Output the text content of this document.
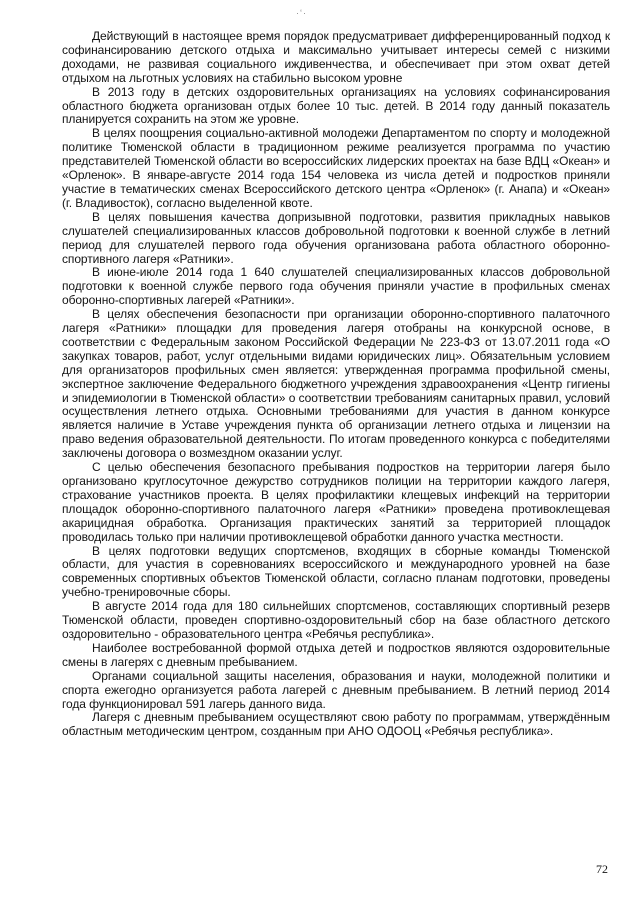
·ʻ·

Действующий в настоящее время порядок предусматривает дифференцированный подход к софинансированию детского отдыха и максимально учитывает интересы семей с низкими доходами, не развивая социального иждивенчества, и обеспечивает при этом охват детей отдыхом на льготных условиях на стабильно высоком уровне

В 2013 году в детских оздоровительных организациях на условиях софинансирования областного бюджета организован отдых более 10 тыс. детей. В 2014 году данный показатель планируется сохранить на этом же уровне.

В целях поощрения социально-активной молодежи Департаментом по спорту и молодежной политике Тюменской области в традиционном режиме реализуется программа по участию представителей Тюменской области во всероссийских лидерских проектах на базе ВДЦ «Океан» и «Орленок». В январе-августе 2014 года 154 человека из числа детей и подростков приняли участие в тематических сменах Всероссийского детского центра «Орленок» (г. Анапа) и «Океан» (г. Владивосток), согласно выделенной квоте.

В целях повышения качества допризывной подготовки, развития прикладных навыков слушателей специализированных классов добровольной подготовки к военной службе в летний период для слушателей первого года обучения организована работа областного оборонно-спортивного лагеря «Ратники».

В июне-июле 2014 года 1 640 слушателей специализированных классов добровольной подготовки к военной службе первого года обучения приняли участие в профильных сменах оборонно-спортивных лагерей «Ратники».

В целях обеспечения безопасности при организации оборонно-спортивного палаточного лагеря «Ратники» площадки для проведения лагеря отобраны на конкурсной основе, в соответствии с Федеральным законом Российской Федерации № 223-ФЗ от 13.07.2011 года «О закупках товаров, работ, услуг отдельными видами юридических лиц». Обязательным условием для организаторов профильных смен является: утвержденная программа профильной смены, экспертное заключение Федерального бюджетного учреждения здравоохранения «Центр гигиены и эпидемиологии в Тюменской области» о соответствии требованиям санитарных правил, условий осуществления летнего отдыха. Основными требованиями для участия в данном конкурсе является наличие в Уставе учреждения пункта об организации летнего отдыха и лицензии на право ведения образовательной деятельности. По итогам проведенного конкурса с победителями заключены договора о возмездном оказании услуг.

С целью обеспечения безопасного пребывания подростков на территории лагеря было организовано круглосуточное дежурство сотрудников полиции на территории каждого лагеря, страхование участников проекта. В целях профилактики клещевых инфекций на территории площадок оборонно-спортивного палаточного лагеря «Ратники» проведена противоклещевая акарицидная обработка. Организация практических занятий за территорией площадок проводилась только при наличии противоклещевой обработки данного участка местности.

В целях подготовки ведущих спортсменов, входящих в сборные команды Тюменской области, для участия в соревнованиях всероссийского и международного уровней на базе современных спортивных объектов Тюменской области, согласно планам подготовки, проведены учебно-тренировочные сборы.

В августе 2014 года для 180 сильнейших спортсменов, составляющих спортивный резерв Тюменской области, проведен спортивно-оздоровительный сбор на базе областного детского оздоровительно - образовательного центра «Ребячья республика».

Наиболее востребованной формой отдыха детей и подростков являются оздоровительные смены в лагерях с дневным пребыванием.

Органами социальной защиты населения, образования и науки, молодежной политики и спорта ежегодно организуется работа лагерей с дневным пребыванием. В летний период 2014 года функционировал 591 лагерь данного вида.

Лагеря с дневным пребыванием осуществляют свою работу по программам, утверждённым областным методическим центром, созданным при АНО ОДООЦ «Ребячья республика».

72
